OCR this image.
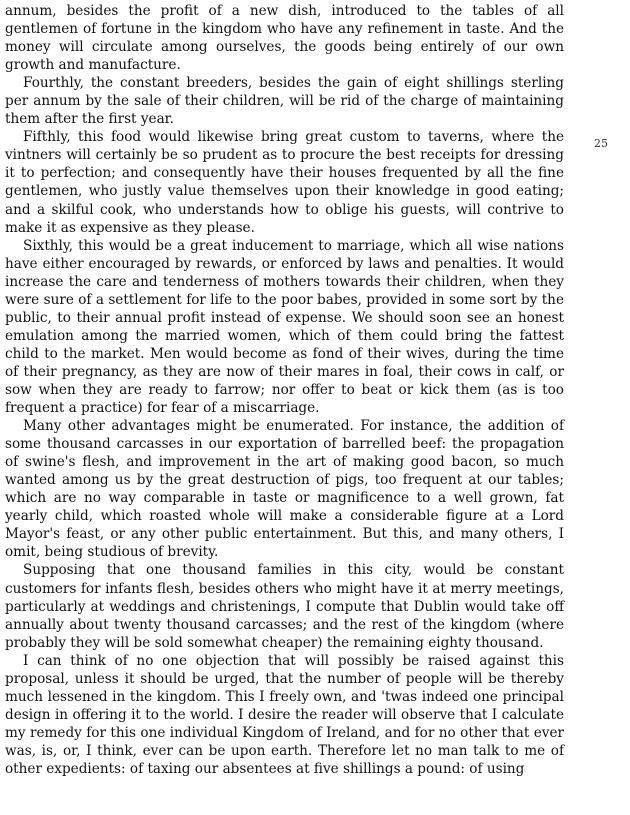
annum, besides the profit of a new dish, introduced to the tables of all gentlemen of fortune in the kingdom who have any refinement in taste. And the money will circulate among ourselves, the goods being entirely of our own growth and manufacture.

Fourthly, the constant breeders, besides the gain of eight shillings sterling per annum by the sale of their children, will be rid of the charge of maintaining them after the first year.

Fifthly, this food would likewise bring great custom to taverns, where the vintners will certainly be so prudent as to procure the best receipts for dressing it to perfection; and consequently have their houses frequented by all the fine gentlemen, who justly value themselves upon their knowledge in good eating; and a skilful cook, who understands how to oblige his guests, will contrive to make it as expensive as they please.

Sixthly, this would be a great inducement to marriage, which all wise nations have either encouraged by rewards, or enforced by laws and penalties. It would increase the care and tenderness of mothers towards their children, when they were sure of a settlement for life to the poor babes, provided in some sort by the public, to their annual profit instead of expense. We should soon see an honest emulation among the married women, which of them could bring the fattest child to the market. Men would become as fond of their wives, during the time of their pregnancy, as they are now of their mares in foal, their cows in calf, or sow when they are ready to farrow; nor offer to beat or kick them (as is too frequent a practice) for fear of a miscarriage.

Many other advantages might be enumerated. For instance, the addition of some thousand carcasses in our exportation of barrelled beef: the propagation of swine's flesh, and improvement in the art of making good bacon, so much wanted among us by the great destruction of pigs, too frequent at our tables; which are no way comparable in taste or magnificence to a well grown, fat yearly child, which roasted whole will make a considerable figure at a Lord Mayor's feast, or any other public entertainment. But this, and many others, I omit, being studious of brevity.

Supposing that one thousand families in this city, would be constant customers for infants flesh, besides others who might have it at merry meetings, particularly at weddings and christenings, I compute that Dublin would take off annually about twenty thousand carcasses; and the rest of the kingdom (where probably they will be sold somewhat cheaper) the remaining eighty thousand.

I can think of no one objection that will possibly be raised against this proposal, unless it should be urged, that the number of people will be thereby much lessened in the kingdom. This I freely own, and 'twas indeed one principal design in offering it to the world. I desire the reader will observe that I calculate my remedy for this one individual Kingdom of Ireland, and for no other that ever was, is, or, I think, ever can be upon earth. Therefore let no man talk to me of other expedients: of taxing our absentees at five shillings a pound: of using

25
